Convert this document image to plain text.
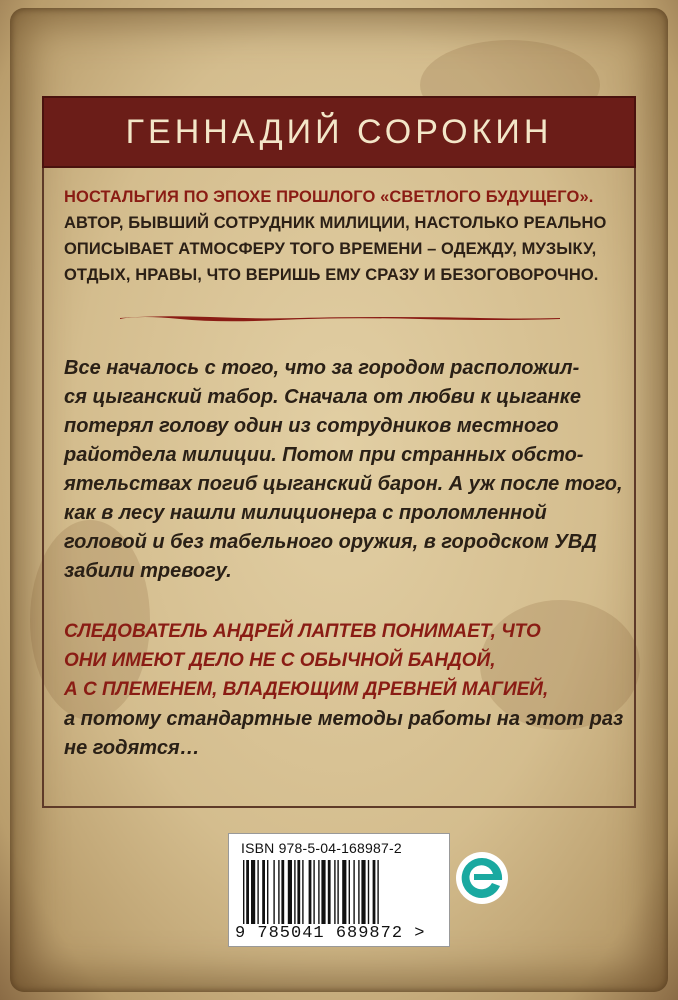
ГЕННАДИЙ СОРОКИН
НОСТАЛЬГИЯ ПО ЭПОХЕ ПРОШЛОГО «СВЕТЛОГО БУДУЩЕГО».
АВТОР, БЫВШИЙ СОТРУДНИК МИЛИЦИИ, НАСТОЛЬКО РЕАЛЬНО
ОПИСЫВАЕТ АТМОСФЕРУ ТОГО ВРЕМЕНИ – ОДЕЖДУ, МУЗЫКУ,
ОТДЫХ, НРАВЫ, ЧТО ВЕРИШЬ ЕМУ СРАЗУ И БЕЗОГОВОРОЧНО.
Все началось с того, что за городом расположил-
ся цыганский табор. Сначала от любви к цыганке
потерял голову один из сотрудников местного
райотдела милиции. Потом при странных обсто-
ятельствах погиб цыганский барон. А уж после того,
как в лесу нашли милиционера с проломленной
головой и без табельного оружия, в городском УВД
забили тревогу.
СЛЕДОВАТЕЛЬ АНДРЕЙ ЛАПТЕВ ПОНИМАЕТ, ЧТО
ОНИ ИМЕЮТ ДЕЛО НЕ С ОБЫЧНОЙ БАНДОЙ,
А С ПЛЕМЕНЕМ, ВЛАДЕЮЩИМ ДРЕВНЕЙ МАГИЕЙ,
а потому стандартные методы работы на этот раз
не годятся…
ISBN 978-5-04-168987-2
9 785041 689872 >
